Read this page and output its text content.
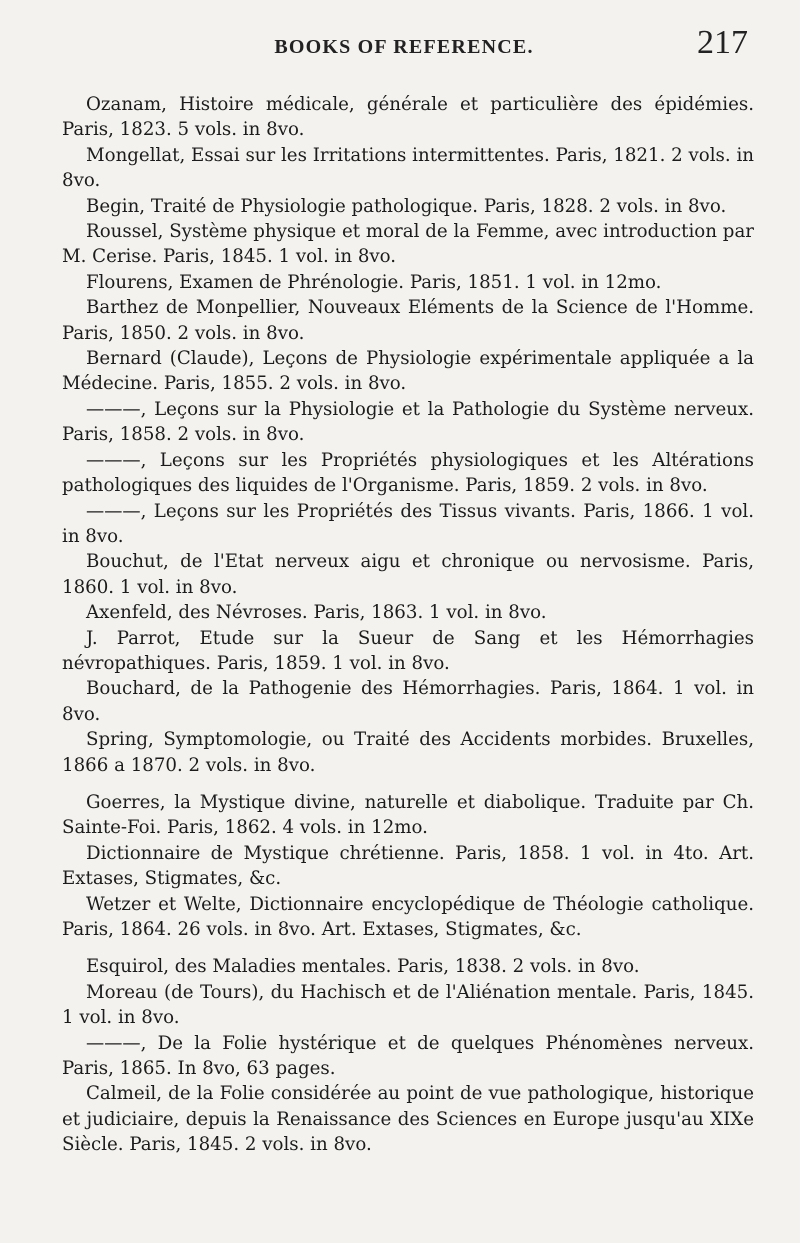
BOOKS OF REFERENCE.	217

Ozanam, Histoire médicale, générale et particulière des épidémies. Paris, 1823. 5 vols. in 8vo.

Mongellat, Essai sur les Irritations intermittentes. Paris, 1821. 2 vols. in 8vo.

Begin, Traité de Physiologie pathologique. Paris, 1828. 2 vols. in 8vo.

Roussel, Système physique et moral de la Femme, avec introduction par M. Cerise. Paris, 1845. 1 vol. in 8vo.

Flourens, Examen de Phrénologie. Paris, 1851. 1 vol. in 12mo.

Barthez de Monpellier, Nouveaux Eléments de la Science de l'Homme. Paris, 1850. 2 vols. in 8vo.

Bernard (Claude), Leçons de Physiologie expérimentale appliquée a la Médecine. Paris, 1855. 2 vols. in 8vo.

———, Leçons sur la Physiologie et la Pathologie du Système nerveux. Paris, 1858. 2 vols. in 8vo.

———, Leçons sur les Propriétés physiologiques et les Altérations pathologiques des liquides de l'Organisme. Paris, 1859. 2 vols. in 8vo.

———, Leçons sur les Propriétés des Tissus vivants. Paris, 1866. 1 vol. in 8vo.

Bouchut, de l'Etat nerveux aigu et chronique ou nervosisme. Paris, 1860. 1 vol. in 8vo.

Axenfeld, des Névroses. Paris, 1863. 1 vol. in 8vo.

J. Parrot, Etude sur la Sueur de Sang et les Hémorrhagies névropathiques. Paris, 1859. 1 vol. in 8vo.

Bouchard, de la Pathogenie des Hémorrhagies. Paris, 1864. 1 vol. in 8vo.

Spring, Symptomologie, ou Traité des Accidents morbides. Bruxelles, 1866 a 1870. 2 vols. in 8vo.

Goerres, la Mystique divine, naturelle et diabolique. Traduite par Ch. Sainte-Foi. Paris, 1862. 4 vols. in 12mo.

Dictionnaire de Mystique chrétienne. Paris, 1858. 1 vol. in 4to. Art. Extases, Stigmates, &c.

Wetzer et Welte, Dictionnaire encyclopédique de Théologie catholique. Paris, 1864. 26 vols. in 8vo. Art. Extases, Stigmates, &c.

Esquirol, des Maladies mentales. Paris, 1838. 2 vols. in 8vo.

Moreau (de Tours), du Hachisch et de l'Aliénation mentale. Paris, 1845. 1 vol. in 8vo.

———, De la Folie hystérique et de quelques Phénomènes nerveux. Paris, 1865. In 8vo, 63 pages.

Calmeil, de la Folie considérée au point de vue pathologique, historique et judiciaire, depuis la Renaissance des Sciences en Europe jusqu'au XIXe Siècle. Paris, 1845. 2 vols. in 8vo.
